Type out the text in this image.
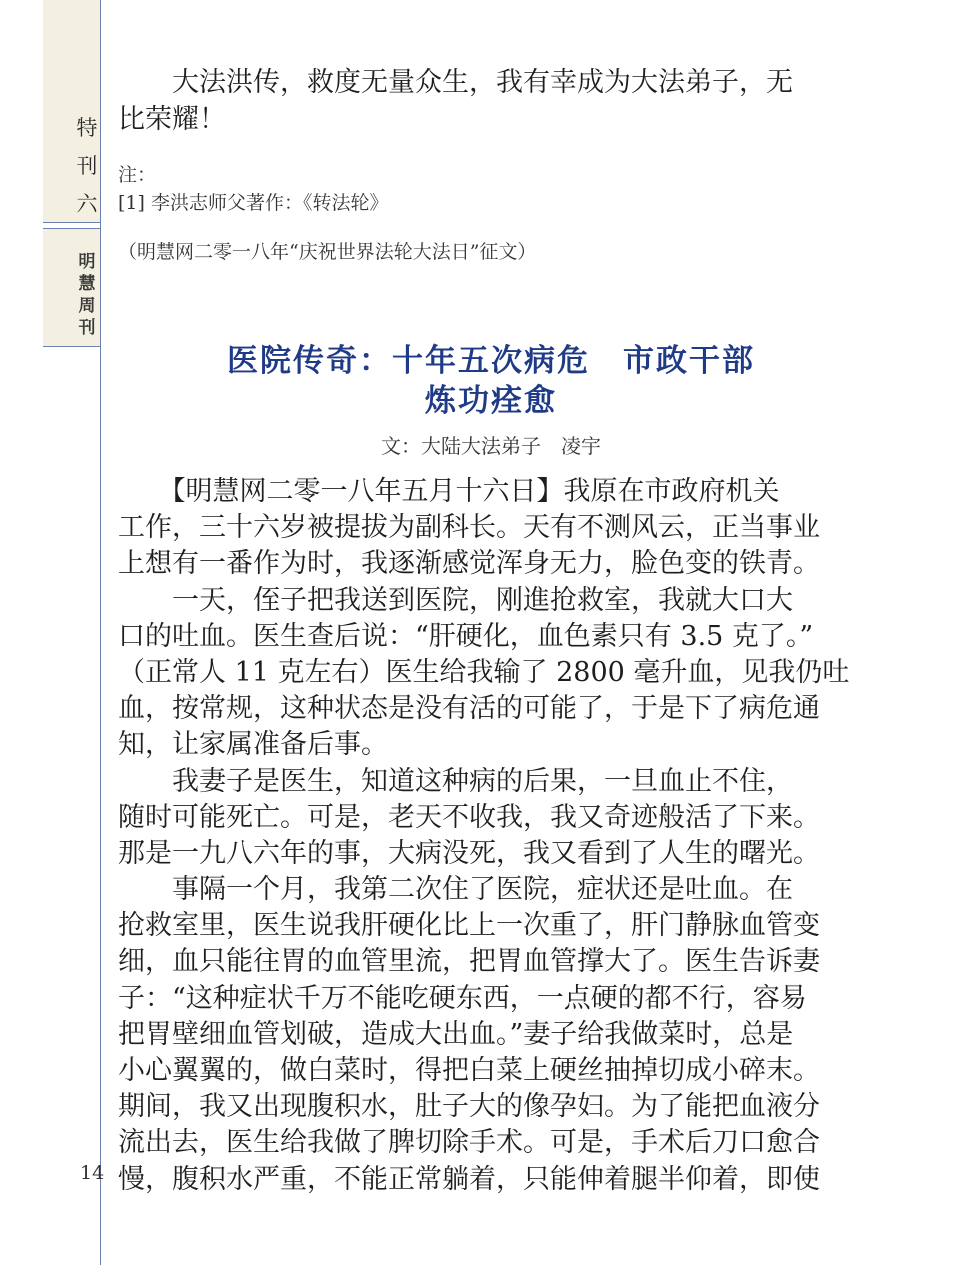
特
刊
六
明
慧
周
刊
14
　　大法洪传，救度无量众生，我有幸成为大法弟子，无
比荣耀！
注：
[1] 李洪志师父著作：《转法轮》
（明慧网二零一八年“庆祝世界法轮大法日”征文）
医院传奇：十年五次病危　市政干部
炼功痊愈
文：大陆大法弟子　凌宇
　　【明慧网二零一八年五月十六日】我原在市政府机关
工作，三十六岁被提拔为副科长。天有不测风云，正当事业
上想有一番作为时，我逐渐感觉浑身无力，脸色变的铁青。
　　一天，侄子把我送到医院，刚進抢救室，我就大口大
口的吐血。医生查后说：“肝硬化，血色素只有 3.5 克了。”
（正常人 11 克左右）医生给我输了 2800 毫升血，见我仍吐
血，按常规，这种状态是没有活的可能了，于是下了病危通
知，让家属准备后事。
　　我妻子是医生，知道这种病的后果，一旦血止不住，
随时可能死亡。可是，老天不收我，我又奇迹般活了下来。
那是一九八六年的事，大病没死，我又看到了人生的曙光。
　　事隔一个月，我第二次住了医院，症状还是吐血。在
抢救室里，医生说我肝硬化比上一次重了，肝门静脉血管变
细，血只能往胃的血管里流，把胃血管撑大了。医生告诉妻
子：“这种症状千万不能吃硬东西，一点硬的都不行，容易
把胃壁细血管划破，造成大出血。”妻子给我做菜时，总是
小心翼翼的，做白菜时，得把白菜上硬丝抽掉切成小碎末。
期间，我又出现腹积水，肚子大的像孕妇。为了能把血液分
流出去，医生给我做了脾切除手术。可是，手术后刀口愈合
慢，腹积水严重，不能正常躺着，只能伸着腿半仰着，即使
